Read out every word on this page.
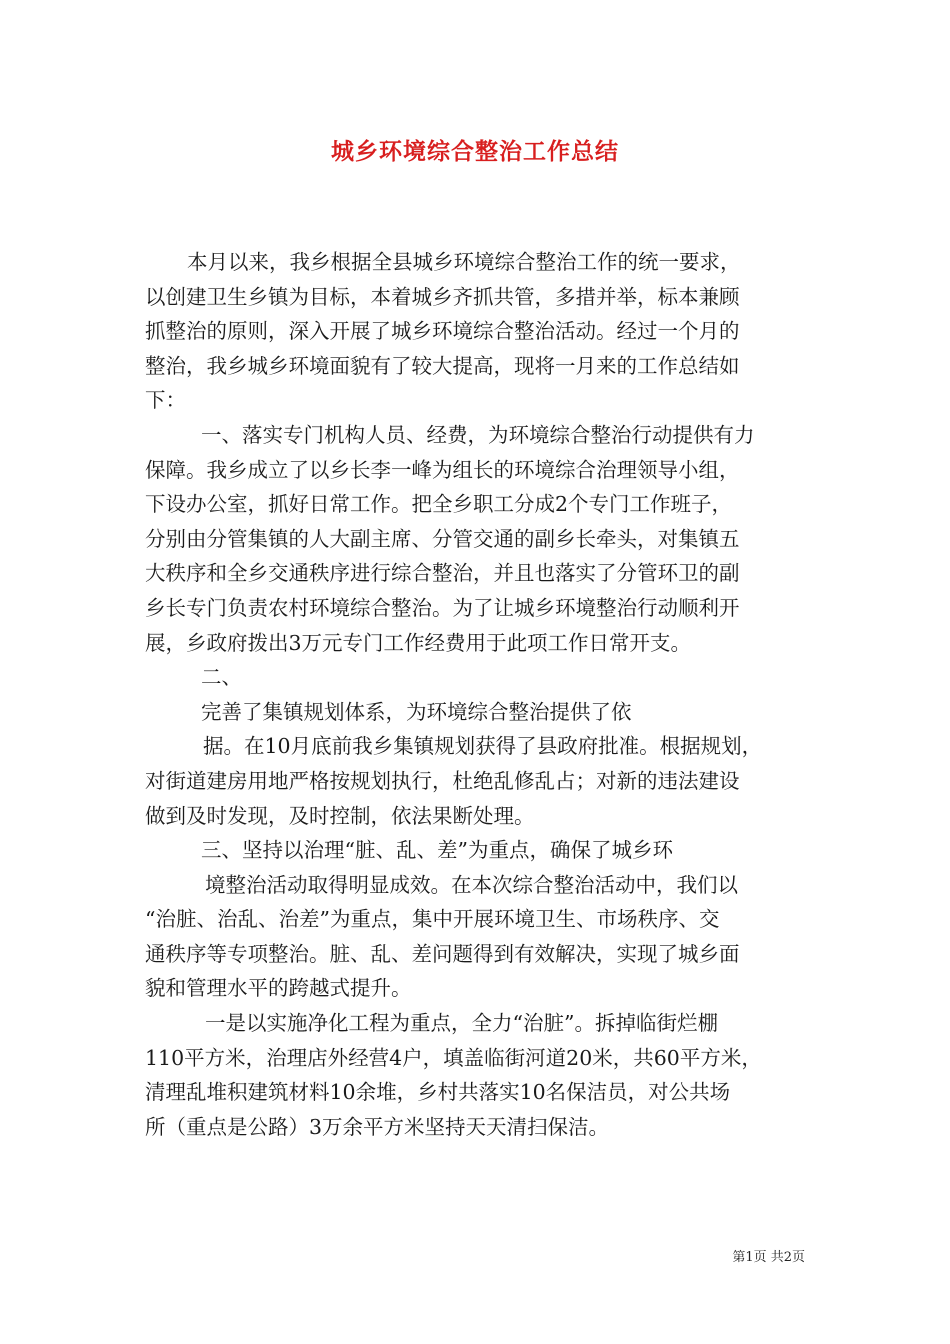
城乡环境综合整治工作总结
本月以来，我乡根据全县城乡环境综合整治工作的统一要求，
以创建卫生乡镇为目标，本着城乡齐抓共管，多措并举，标本兼顾
抓整治的原则，深入开展了城乡环境综合整治活动。经过一个月的
整治，我乡城乡环境面貌有了较大提高，现将一月来的工作总结如
下：
一、落实专门机构人员、经费，为环境综合整治行动提供有力
保障。我乡成立了以乡长李一峰为组长的环境综合治理领导小组，
下设办公室，抓好日常工作。把全乡职工分成2个专门工作班子，
分别由分管集镇的人大副主席、分管交通的副乡长牵头，对集镇五
大秩序和全乡交通秩序进行综合整治，并且也落实了分管环卫的副
乡长专门负责农村环境综合整治。为了让城乡环境整治行动顺利开
展，乡政府拨出3万元专门工作经费用于此项工作日常开支。
二、
完善了集镇规划体系，为环境综合整治提供了依
据。在10月底前我乡集镇规划获得了县政府批准。根据规划，
对街道建房用地严格按规划执行，杜绝乱修乱占；对新的违法建设
做到及时发现，及时控制，依法果断处理。
三、坚持以治理“脏、乱、差”为重点，确保了城乡环
境整治活动取得明显成效。在本次综合整治活动中，我们以
“治脏、治乱、治差”为重点，集中开展环境卫生、市场秩序、交
通秩序等专项整治。脏、乱、差问题得到有效解决，实现了城乡面
貌和管理水平的跨越式提升。
一是以实施净化工程为重点，全力“治脏”。拆掉临街烂棚
110平方米，治理店外经营4户，填盖临街河道20米，共60平方米，
清理乱堆积建筑材料10余堆，乡村共落实10名保洁员，对公共场
所（重点是公路）3万余平方米坚持天天清扫保洁。
第1页 共2页
